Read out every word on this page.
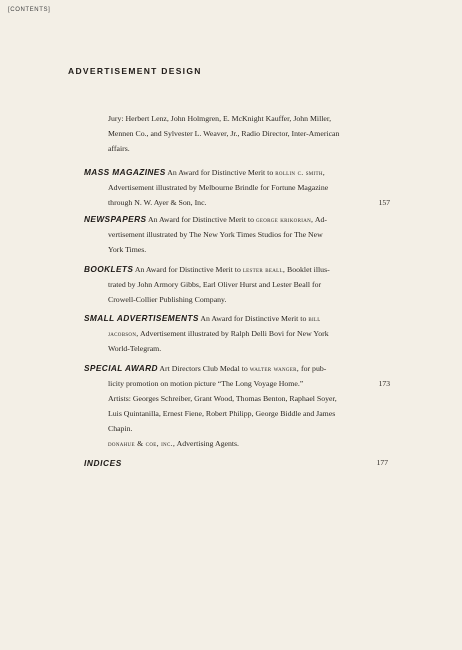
[CONTENTS]
ADVERTISEMENT DESIGN
Jury: Herbert Lenz, John Holmgren, E. McKnight Kauffer, John Miller,
Mennen Co., and Sylvester L. Weaver, Jr., Radio Director, Inter-American
affairs.
MASS MAGAZINES An Award for Distinctive Merit to rollin c. smith,
Advertisement illustrated by Melbourne Brindle for Fortune Magazine
through N. W. Ayer & Son, Inc.	157
NEWSPAPERS An Award for Distinctive Merit to george krikorian, Ad-
vertisement illustrated by The New York Times Studios for The New
York Times.
BOOKLETS An Award for Distinctive Merit to lester beall, Booklet illus-
trated by John Armory Gibbs, Earl Oliver Hurst and Lester Beall for
Crowell-Collier Publishing Company.
SMALL ADVERTISEMENTS An Award for Distinctive Merit to bill
jacobson, Advertisement illustrated by Ralph Delli Bovi for New York
World-Telegram.
SPECIAL AWARD Art Directors Club Medal to walter wanger, for pub-
licity promotion on motion picture “The Long Voyage Home.”	173
Artists: Georges Schreiber, Grant Wood, Thomas Benton, Raphael Soyer,
Luis Quintanilla, Ernest Fiene, Robert Philipp, George Biddle and James
Chapin.
donahue & coe, inc., Advertising Agents.
INDICES	177
